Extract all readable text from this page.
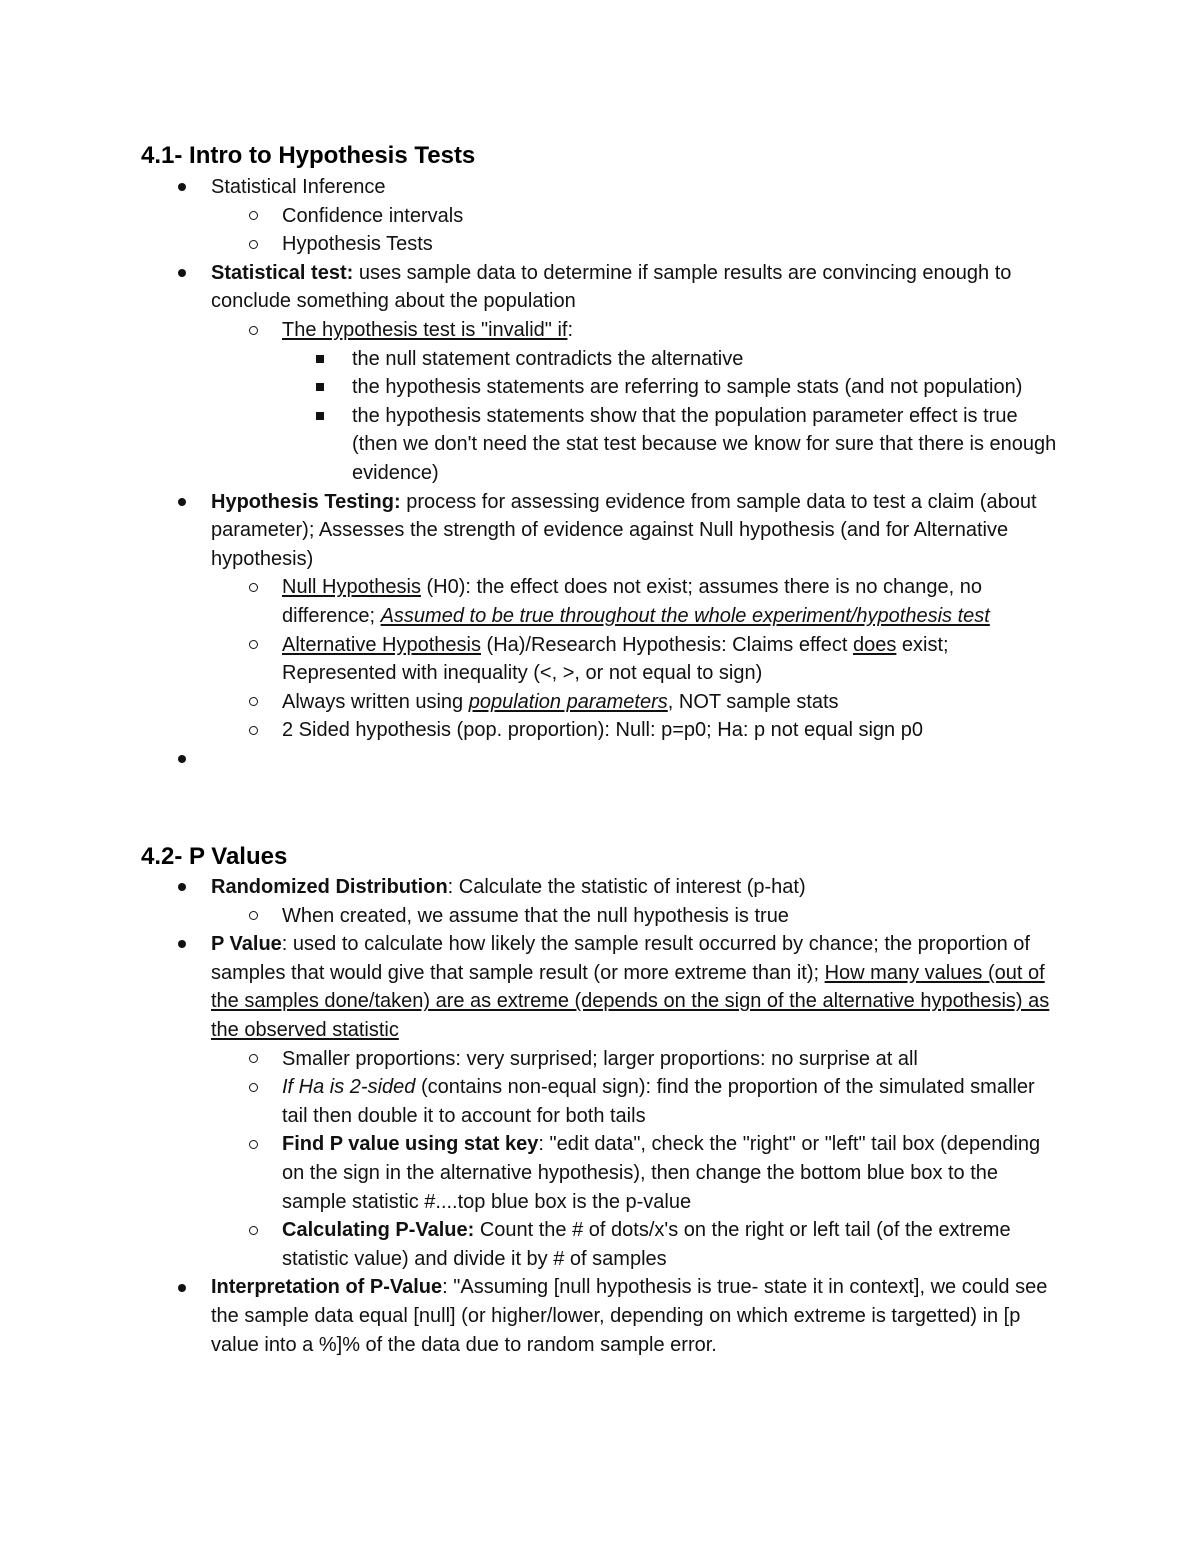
4.1- Intro to Hypothesis Tests
Statistical Inference
Confidence intervals
Hypothesis Tests
Statistical test: uses sample data to determine if sample results are convincing enough to conclude something about the population
The hypothesis test is "invalid" if:
the null statement contradicts the alternative
the hypothesis statements are referring to sample stats (and not population)
the hypothesis statements show that the population parameter effect is true (then we don't need the stat test because we know for sure that there is enough evidence)
Hypothesis Testing: process for assessing evidence from sample data to test a claim (about parameter); Assesses the strength of evidence against Null hypothesis (and for Alternative hypothesis)
Null Hypothesis (H0): the effect does not exist; assumes there is no change, no difference; Assumed to be true throughout the whole experiment/hypothesis test
Alternative Hypothesis (Ha)/Research Hypothesis: Claims effect does exist; Represented with inequality (<, >, or not equal to sign)
Always written using population parameters, NOT sample stats
2 Sided hypothesis (pop. proportion): Null: p=p0; Ha: p not equal sign p0
4.2- P Values
Randomized Distribution: Calculate the statistic of interest (p-hat)
When created, we assume that the null hypothesis is true
P Value: used to calculate how likely the sample result occurred by chance; the proportion of samples that would give that sample result (or more extreme than it); How many values (out of the samples done/taken) are as extreme (depends on the sign of the alternative hypothesis) as the observed statistic
Smaller proportions: very surprised; larger proportions: no surprise at all
If Ha is 2-sided (contains non-equal sign): find the proportion of the simulated smaller tail then double it to account for both tails
Find P value using stat key: "edit data", check the "right" or "left" tail box (depending on the sign in the alternative hypothesis), then change the bottom blue box to the sample statistic #....top blue box is the p-value
Calculating P-Value: Count the # of dots/x's on the right or left tail (of the extreme statistic value) and divide it by # of samples
Interpretation of P-Value: "Assuming [null hypothesis is true- state it in context], we could see the sample data equal [null] (or higher/lower, depending on which extreme is targetted) in [p value into a %]% of the data due to random sample error.
